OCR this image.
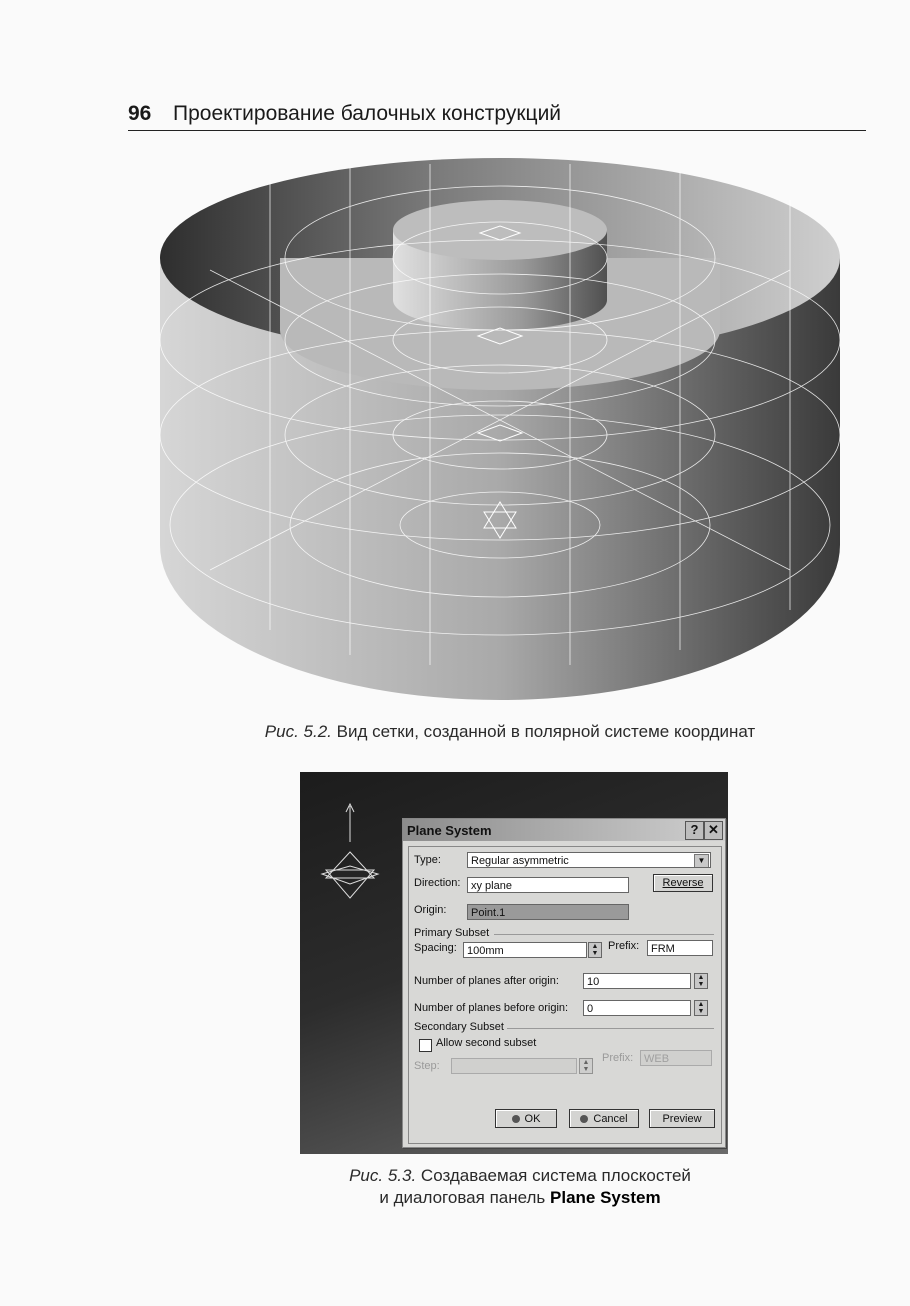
96 Проектирование балочных конструкций
Рис. 5.2. Вид сетки, созданной в полярной системе координат
Plane System	? ✕
Type:	Regular asymmetric	▼
Direction: xy plane	Reverse
Origin:	Point.1
Primary Subset
Spacing: 100mm	▲
▼
Prefix:	FRM
Number of planes after origin:	10	▲
▼
Number of planes before origin:	0	▲
▼
Secondary Subset
Allow second subset
Step:	▲
▼
Prefix: WEB
OK	Cancel	Preview
Рис. 5.3. Создаваемая система плоскостей
и диалоговая панель Plane System
